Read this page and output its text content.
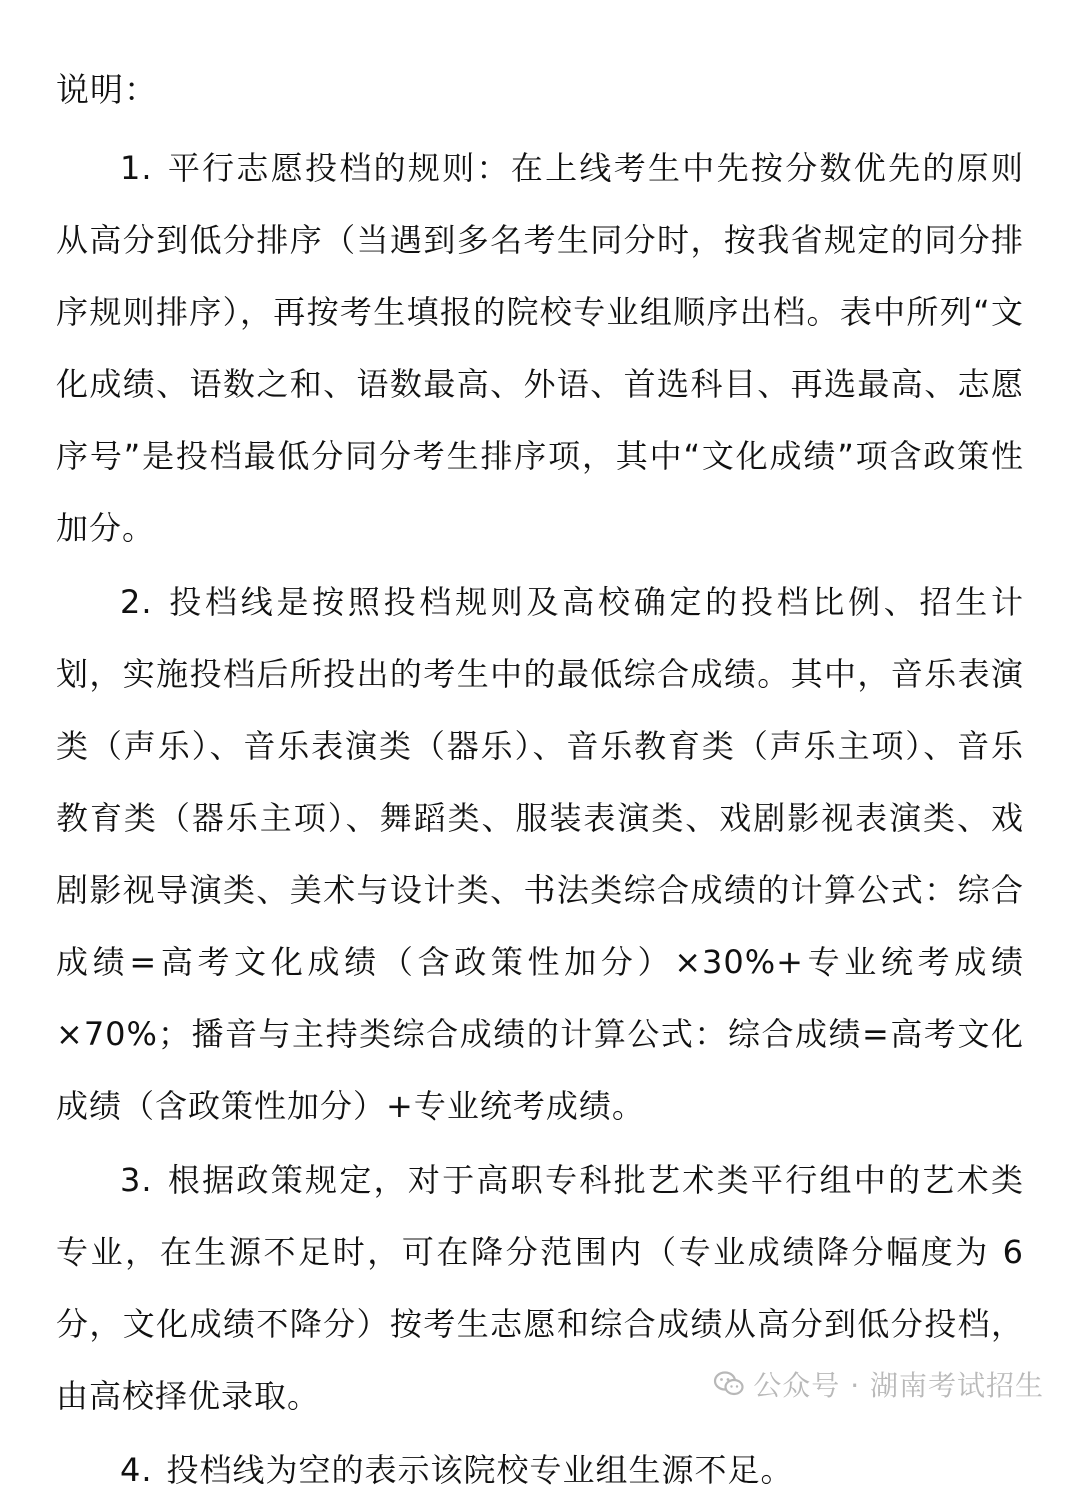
说明：

1. 平行志愿投档的规则：在上线考生中先按分数优先的原则从高分到低分排序（当遇到多名考生同分时，按我省规定的同分排序规则排序），再按考生填报的院校专业组顺序出档。表中所列“文化成绩、语数之和、语数最高、外语、首选科目、再选最高、志愿序号”是投档最低分同分考生排序项，其中“文化成绩”项含政策性加分。

2. 投档线是按照投档规则及高校确定的投档比例、招生计划，实施投档后所投出的考生中的最低综合成绩。其中，音乐表演类（声乐）、音乐表演类（器乐）、音乐教育类（声乐主项）、音乐教育类（器乐主项）、舞蹈类、服装表演类、戏剧影视表演类、戏剧影视导演类、美术与设计类、书法类综合成绩的计算公式：综合成绩=高考文化成绩（含政策性加分）×30%+专业统考成绩×70%；播音与主持类综合成绩的计算公式：综合成绩=高考文化成绩（含政策性加分）+专业统考成绩。

3. 根据政策规定，对于高职专科批艺术类平行组中的艺术类专业，在生源不足时，可在降分范围内（专业成绩降分幅度为 6 分，文化成绩不降分）按考生志愿和综合成绩从高分到低分投档，由高校择优录取。

4. 投档线为空的表示该院校专业组生源不足。

公众号 · 湖南考试招生
